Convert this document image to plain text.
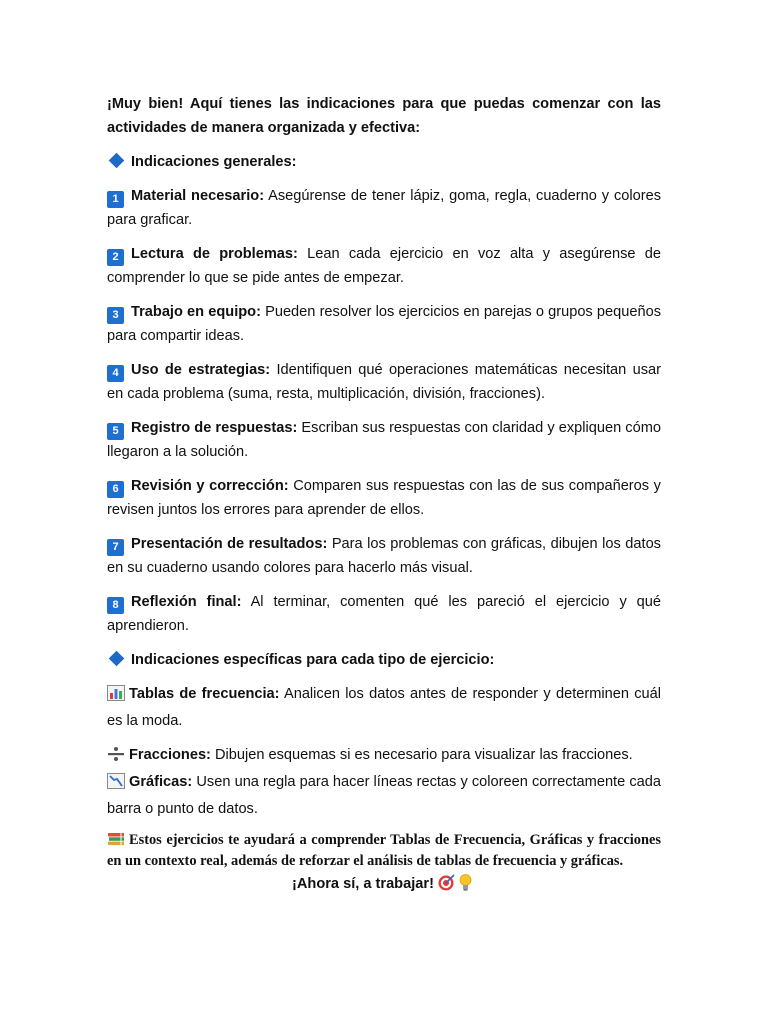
¡Muy bien! Aquí tienes las indicaciones para que puedas comenzar con las actividades de manera organizada y efectiva:

Indicaciones generales:

1 Material necesario: Asegúrense de tener lápiz, goma, regla, cuaderno y colores para graficar.

2 Lectura de problemas: Lean cada ejercicio en voz alta y asegúrense de comprender lo que se pide antes de empezar.

3 Trabajo en equipo: Pueden resolver los ejercicios en parejas o grupos pequeños para compartir ideas.

4 Uso de estrategias: Identifiquen qué operaciones matemáticas necesitan usar en cada problema (suma, resta, multiplicación, división, fracciones).

5 Registro de respuestas: Escriban sus respuestas con claridad y expliquen cómo llegaron a la solución.

6 Revisión y corrección: Comparen sus respuestas con las de sus compañeros y revisen juntos los errores para aprender de ellos.

7 Presentación de resultados: Para los problemas con gráficas, dibujen los datos en su cuaderno usando colores para hacerlo más visual.

8 Reflexión final: Al terminar, comenten qué les pareció el ejercicio y qué aprendieron.

Indicaciones específicas para cada tipo de ejercicio:

Tablas de frecuencia: Analicen los datos antes de responder y determinen cuál es la moda.

Fracciones: Dibujen esquemas si es necesario para visualizar las fracciones.

Gráficas: Usen una regla para hacer líneas rectas y coloreen correctamente cada barra o punto de datos.

Estos ejercicios te ayudará a comprender Tablas de Frecuencia, Gráficas y fracciones en un contexto real, además de reforzar el análisis de tablas de frecuencia y gráficas.

¡Ahora sí, a trabajar!
